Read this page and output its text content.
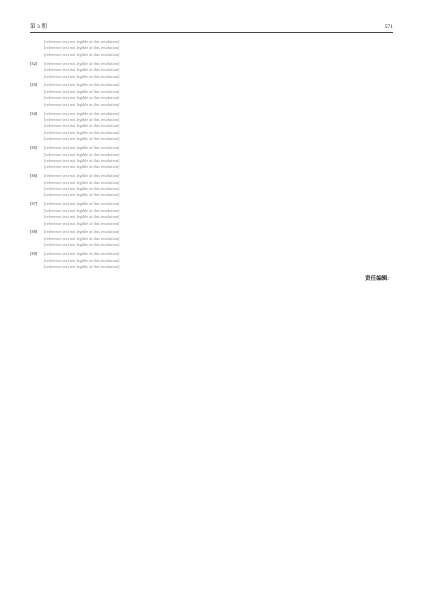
第 3 期	571
[reference text not legible at this resolution]
[reference text not legible at this resolution]
[reference text not legible at this resolution]
[32]	[reference text not legible at this resolution]
[reference text not legible at this resolution]
[reference text not legible at this resolution]
[33]	[reference text not legible at this resolution]
[reference text not legible at this resolution]
[reference text not legible at this resolution]
[reference text not legible at this resolution]
[34]	[reference text not legible at this resolution]
[reference text not legible at this resolution]
[reference text not legible at this resolution]
[reference text not legible at this resolution]
[reference text not legible at this resolution]
[35]	[reference text not legible at this resolution]
[reference text not legible at this resolution]
[reference text not legible at this resolution]
[reference text not legible at this resolution]
[36]	[reference text not legible at this resolution]
[reference text not legible at this resolution]
[reference text not legible at this resolution]
[reference text not legible at this resolution]
[37]	[reference text not legible at this resolution]
[reference text not legible at this resolution]
[reference text not legible at this resolution]
[reference text not legible at this resolution]
[38]	[reference text not legible at this resolution]
[reference text not legible at this resolution]
[reference text not legible at this resolution]
[39]	[reference text not legible at this resolution]
[reference text not legible at this resolution]
[reference text not legible at this resolution]
责任编辑：
